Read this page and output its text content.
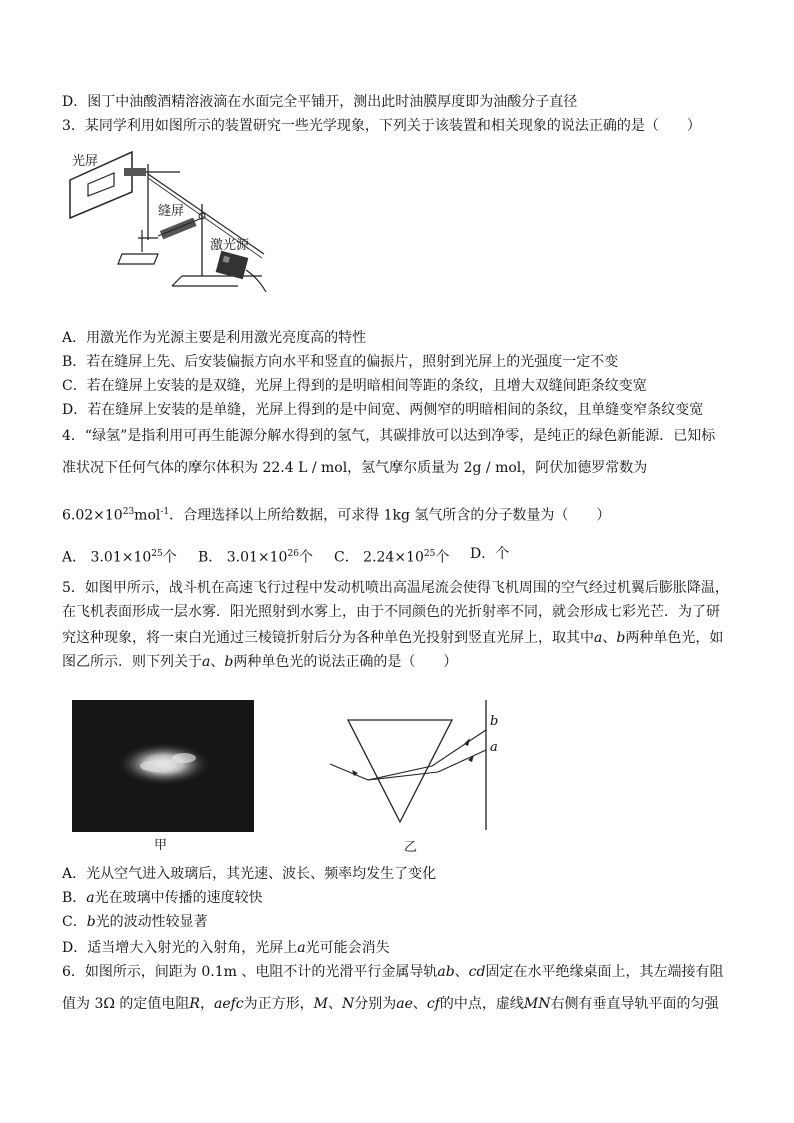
D．图丁中油酸酒精溶液滴在水面完全平铺开，测出此时油膜厚度即为油酸分子直径
3．某同学利用如图所示的装置研究一些光学现象，下列关于该装置和相关现象的说法正确的是（　　）
光屏
缝屏
激光源
A．用激光作为光源主要是利用激光亮度高的特性
B．若在缝屏上先、后安装偏振方向水平和竖直的偏振片，照射到光屏上的光强度一定不变
C．若在缝屏上安装的是双缝，光屏上得到的是明暗相间等距的条纹，且增大双缝间距条纹变宽
D．若在缝屏上安装的是单缝，光屏上得到的是中间宽、两侧窄的明暗相间的条纹，且单缝变窄条纹变宽
4．“绿氢”是指利用可再生能源分解水得到的氢气，其碳排放可以达到净零，是纯正的绿色新能源．已知标
准状况下任何气体的摩尔体积为 22.4 L / mol，氢气摩尔质量为 2g / mol，阿伏加德罗常数为
$6.02\times 10^{23}mol^{-1}$．合理选择以上所给数据，可求得 1kg 氢气所含的分子数量为（　　）
A． $3.01\times 10^{25}$个 B． $3.01\times 10^{26}$个 C． $2.24\times 10^{25}$个 D．个
5．如图甲所示，战斗机在高速飞行过程中发动机喷出高温尾流会使得飞机周围的空气经过机翼后膨胀降温，
在飞机表面形成一层水雾．阳光照射到水雾上，由于不同颜色的光折射率不同，就会形成七彩光芒．为了研
究这种现象，将一束白光通过三棱镜折射后分为各种单色光投射到竖直光屏上，取其中a、b两种单色光，如
图乙所示．则下列关于a、b两种单色光的说法正确的是（　　）
甲
b
a
乙
A．光从空气进入玻璃后，其光速、波长、频率均发生了变化
B．a光在玻璃中传播的速度较快
C．b光的波动性较显著
D．适当增大入射光的入射角，光屏上a光可能会消失
6．如图所示，间距为 0.1m 、电阻不计的光滑平行金属导轨ab、cd固定在水平绝缘桌面上，其左端接有阻
值为 3Ω 的定值电阻R，aefc为正方形，M、N分别为ae、cf的中点，虚线MN右侧有垂直导轨平面的匀强
